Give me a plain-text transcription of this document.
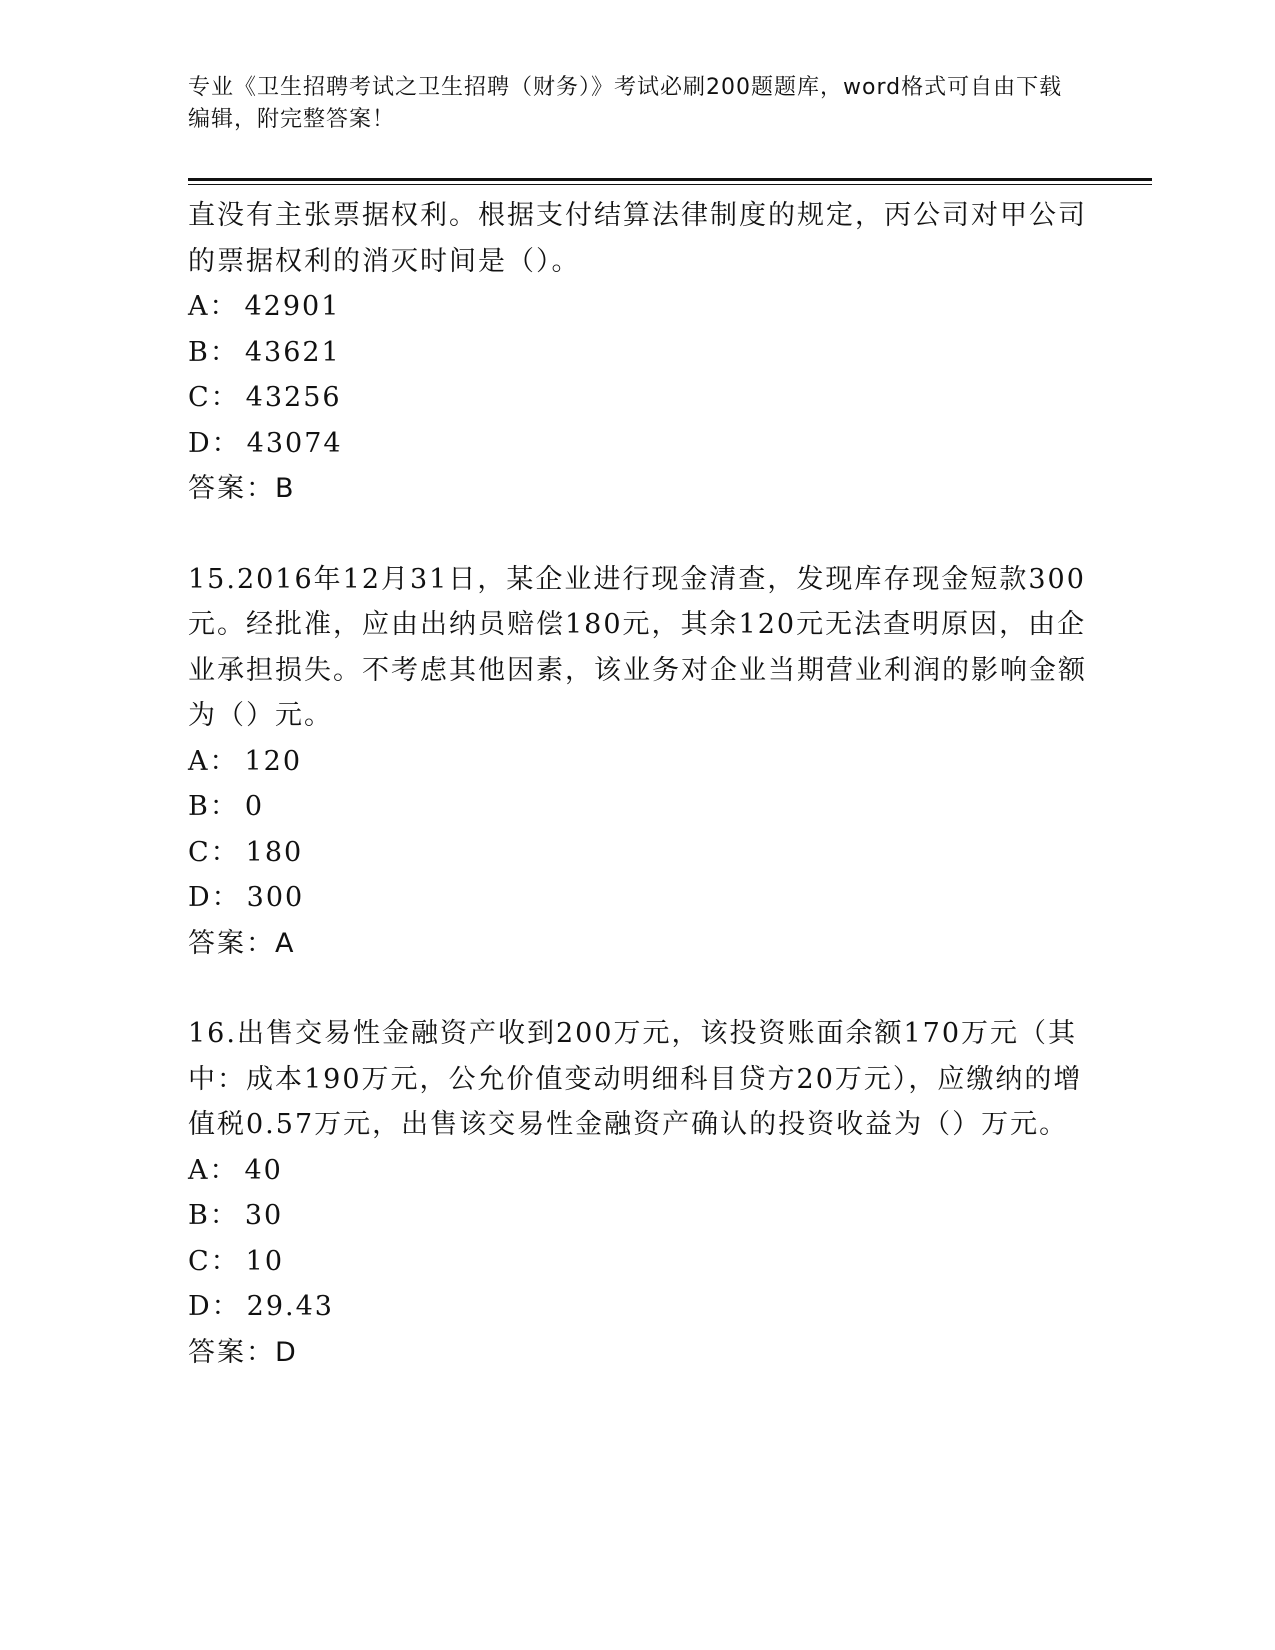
专业《卫生招聘考试之卫生招聘（财务）》考试必刷200题题库，word格式可自由下载编辑，附完整答案！

直没有主张票据权利。根据支付结算法律制度的规定，丙公司对甲公司的票据权利的消灭时间是（）。

A： 42901
B： 43621
C： 43256
D： 43074
答案：B

15.2016年12月31日，某企业进行现金清查，发现库存现金短款300元。经批准，应由出纳员赔偿180元，其余120元无法查明原因，由企业承担损失。不考虑其他因素，该业务对企业当期营业利润的影响金额为（）元。

A： 120
B： 0
C： 180
D： 300
答案：A

16.出售交易性金融资产收到200万元，该投资账面余额170万元（其中：成本190万元，公允价值变动明细科目贷方20万元），应缴纳的增值税0.57万元，出售该交易性金融资产确认的投资收益为（）万元。

A： 40
B： 30
C： 10
D： 29.43
答案：D
